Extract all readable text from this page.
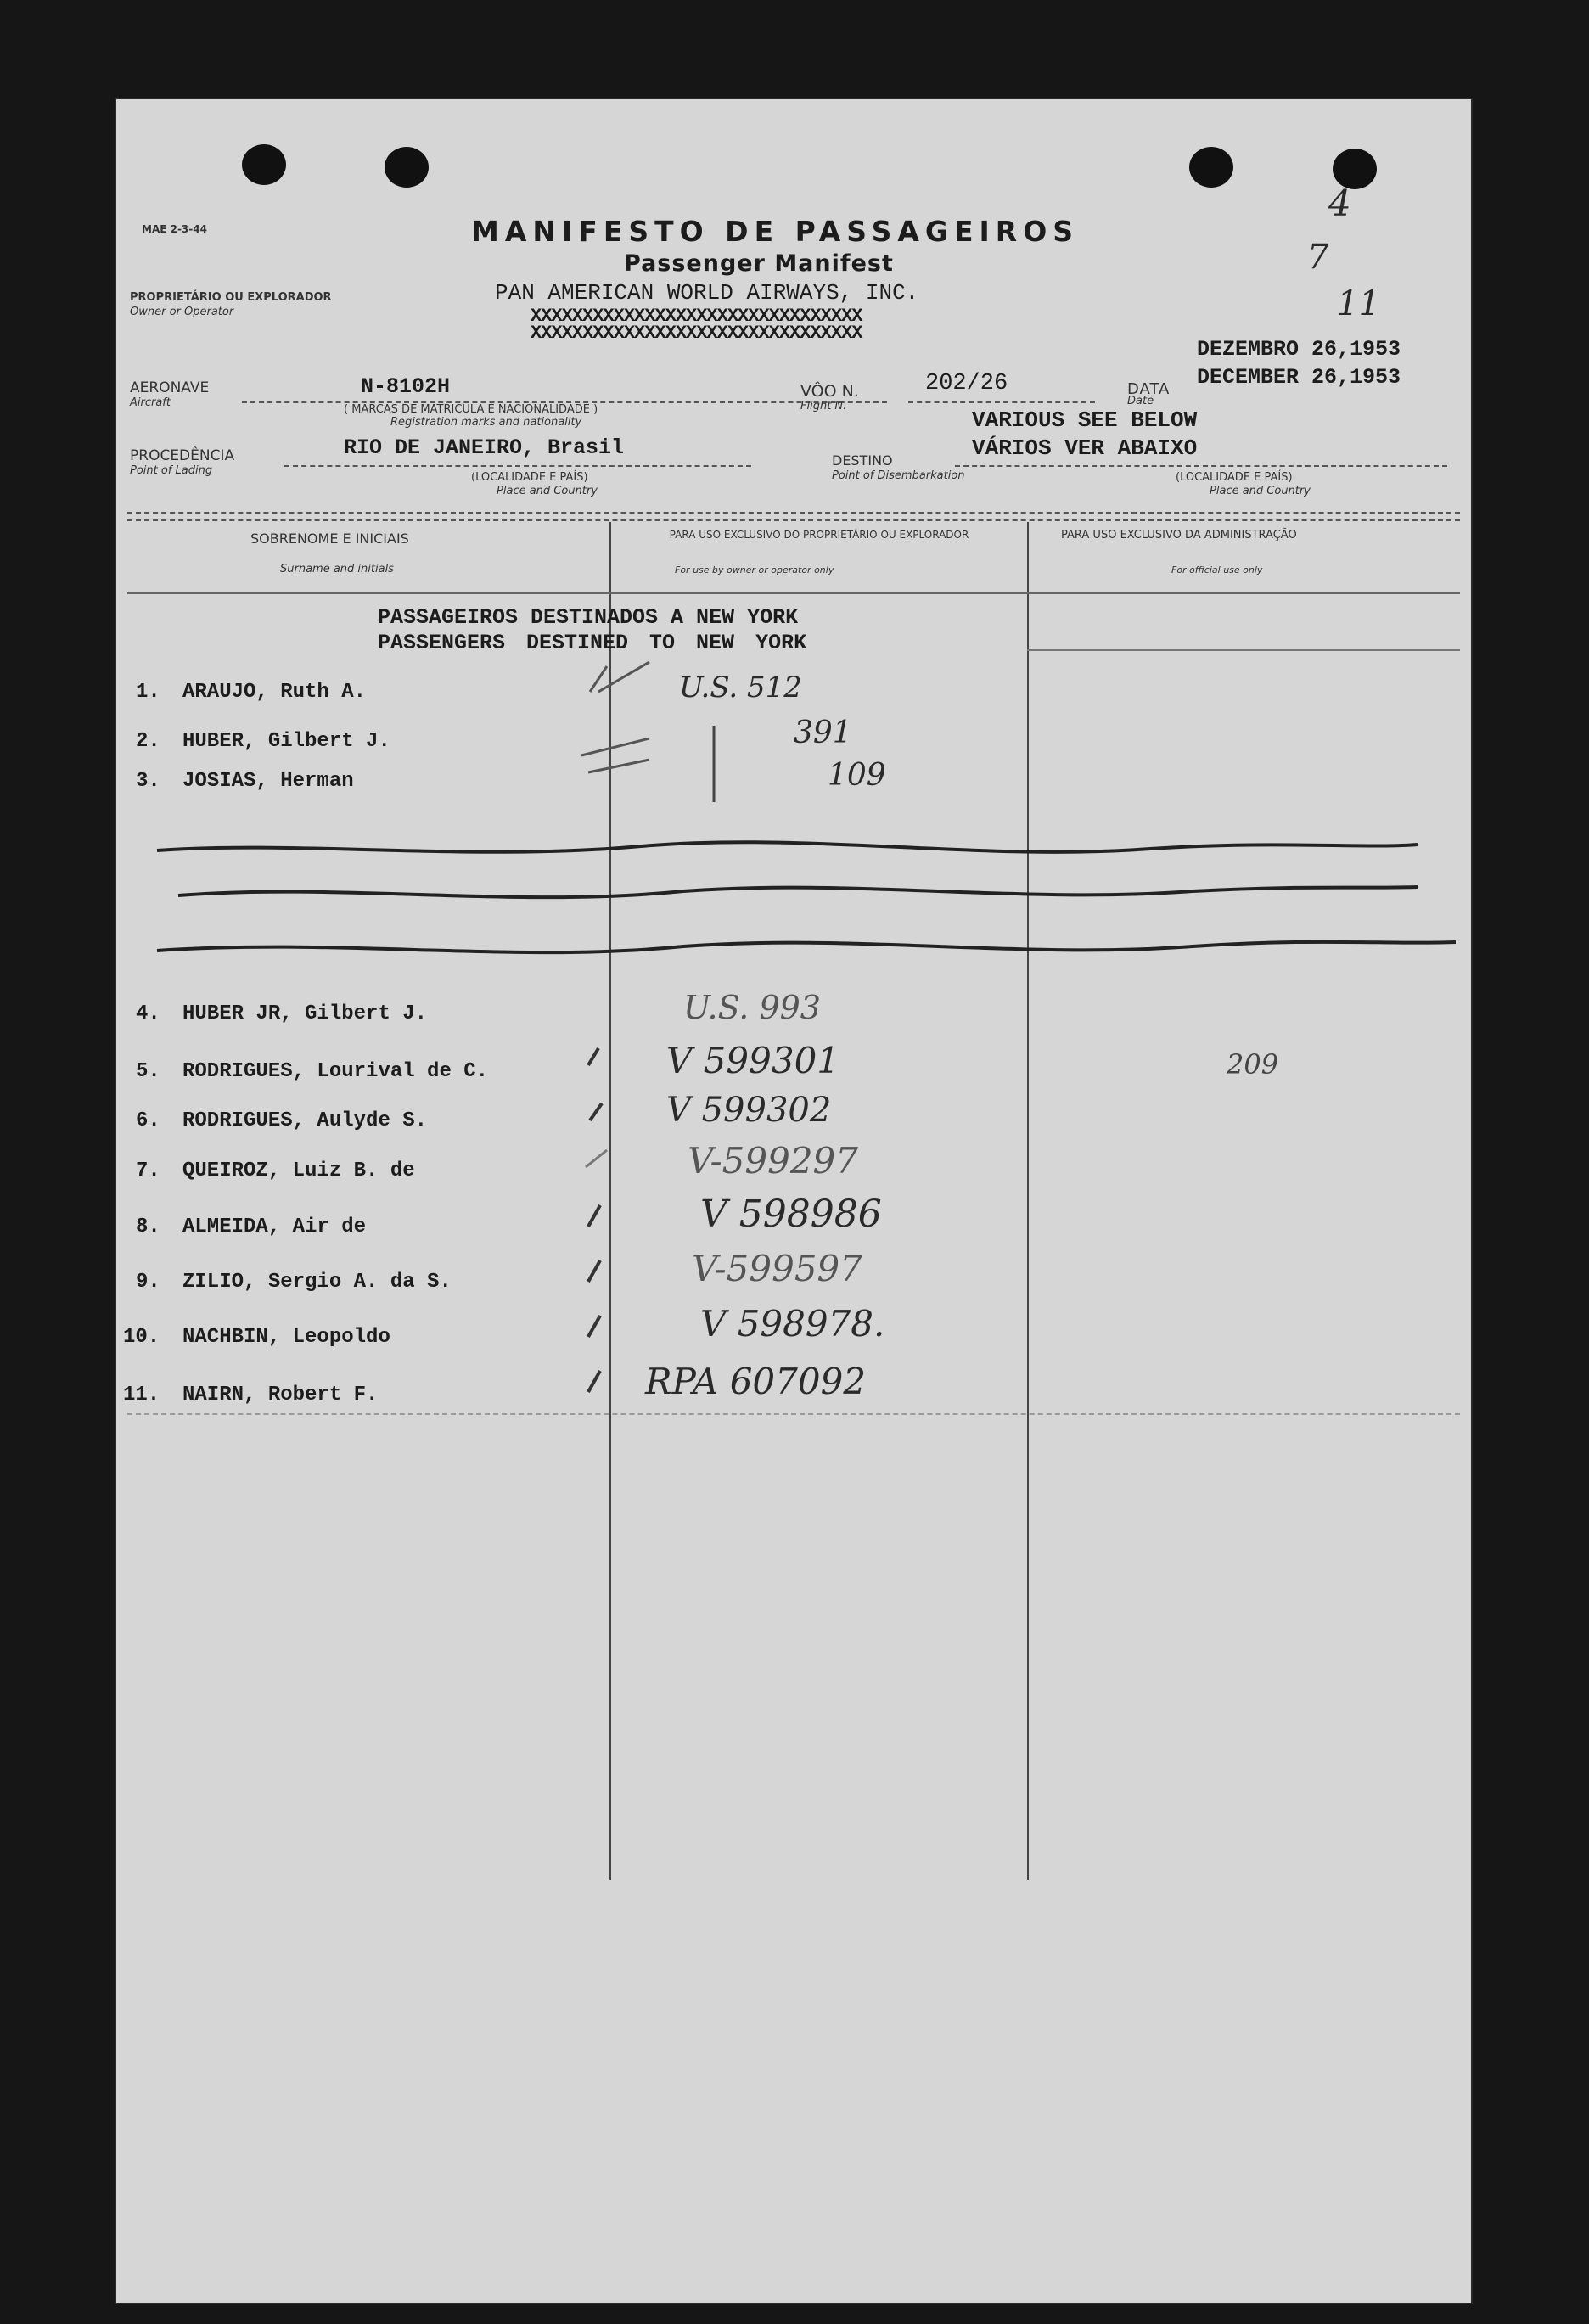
4
7
11
MAE 2-3-44	MANIFESTO DE PASSAGEIROS
Passenger Manifest
PROPRIETÁRIO OU EXPLORADOR
Owner or Operator
PAN AMERICAN WORLD AIRWAYS, INC.
XXXXXXXXXXXXXXXXXXXXXXXXXXXXXXXX
XXXXXXXXXXXXXXXXXXXXXXXXXXXXXXXX
DEZEMBRO 26,1953
DECEMBER 26,1953
DATA
Date
AERONAVE
Aircraft
N-8102H
( MARCAS DE MATRICULA E NACIONALIDADE )
Registration marks and nationality
VÔO N.
Flight N.
202/26
VARIOUS SEE BELOW
VÁRIOS VER ABAIXO
PROCEDÊNCIA
Point of Lading
RIO DE JANEIRO, Brasil
(LOCALIDADE E PAÍS)
Place and Country
DESTINO
Point of Disembarkation	(LOCALIDADE E PAÍS)
Place and Country
SOBRENOME E INICIAIS
Surname and initials
PARA USO EXCLUSIVO DO PROPRIETÁRIO OU EXPLORADOR
For use by owner or operator only
PARA USO EXCLUSIVO DA ADMINISTRAÇÃO
For official use only
PASSAGEIROS DESTINADOS A NEW YORK
PASSENGERS DESTINED TO NEW YORK
1. ARAUJO, Ruth A.	U.S. 512
2. HUBER, Gilbert J.	391
3. JOSIAS, Herman	109
4. HUBER JR, Gilbert J.	U.S. 993
5. RODRIGUES, Lourival de C.	V 599301	209
6. RODRIGUES, Aulyde S.	V 599302
7. QUEIROZ, Luiz B. de	V-599297
8. ALMEIDA, Air de	V 598986
9. ZILIO, Sergio A. da S.	V-599597
10. NACHBIN, Leopoldo	V 598978.
11. NAIRN, Robert F.	RPA 607092
